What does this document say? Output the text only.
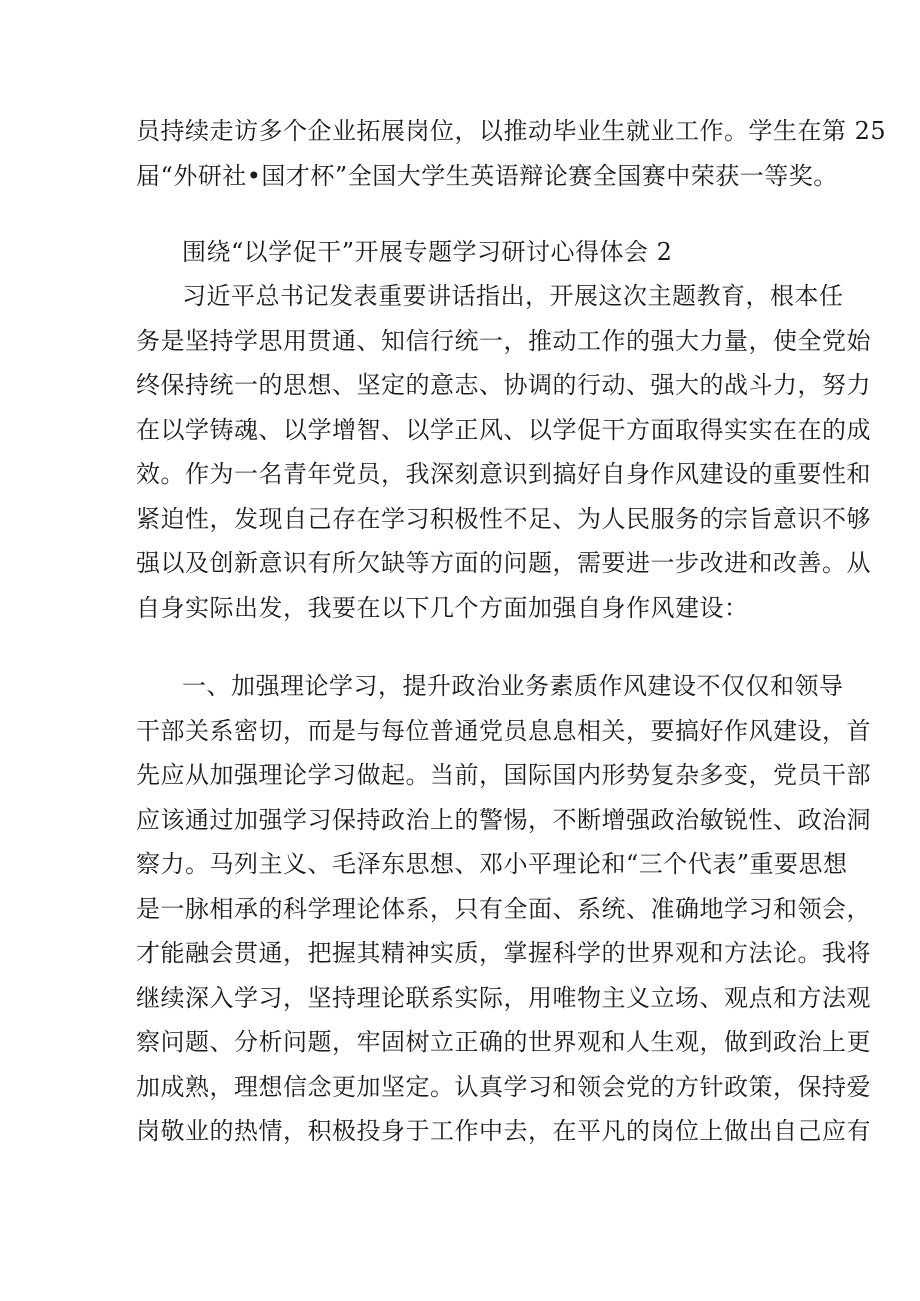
员持续走访多个企业拓展岗位，以推动毕业生就业工作。学生在第 25
届“外研社•国才杯”全国大学生英语辩论赛全国赛中荣获一等奖。
围绕“以学促干”开展专题学习研讨心得体会 2
习近平总书记发表重要讲话指出，开展这次主题教育，根本任
务是坚持学思用贯通、知信行统一，推动工作的强大力量，使全党始
终保持统一的思想、坚定的意志、协调的行动、强大的战斗力，努力
在以学铸魂、以学增智、以学正风、以学促干方面取得实实在在的成
效。作为一名青年党员，我深刻意识到搞好自身作风建设的重要性和
紧迫性，发现自己存在学习积极性不足、为人民服务的宗旨意识不够
强以及创新意识有所欠缺等方面的问题，需要进一步改进和改善。从
自身实际出发，我要在以下几个方面加强自身作风建设：
一、加强理论学习，提升政治业务素质作风建设不仅仅和领导
干部关系密切，而是与每位普通党员息息相关，要搞好作风建设，首
先应从加强理论学习做起。当前，国际国内形势复杂多变，党员干部
应该通过加强学习保持政治上的警惕，不断增强政治敏锐性、政治洞
察力。马列主义、毛泽东思想、邓小平理论和“三个代表”重要思想
是一脉相承的科学理论体系，只有全面、系统、准确地学习和领会，
才能融会贯通，把握其精神实质，掌握科学的世界观和方法论。我将
继续深入学习，坚持理论联系实际，用唯物主义立场、观点和方法观
察问题、分析问题，牢固树立正确的世界观和人生观，做到政治上更
加成熟，理想信念更加坚定。认真学习和领会党的方针政策，保持爱
岗敬业的热情，积极投身于工作中去，在平凡的岗位上做出自己应有
